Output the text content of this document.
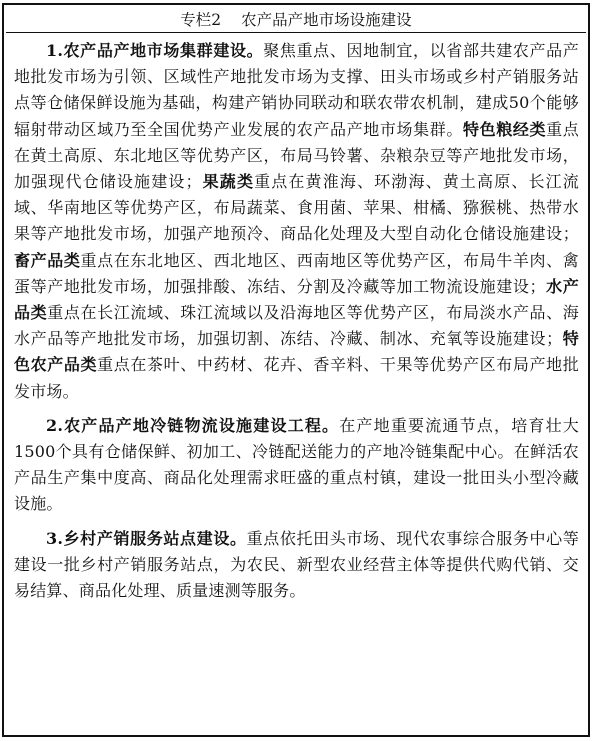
专栏2 农产品产地市场设施建设

1.农产品产地市场集群建设。聚焦重点、因地制宜，以省部共建农产品产地批发市场为引领、区域性产地批发市场为支撑、田头市场或乡村产销服务站点等仓储保鲜设施为基础，构建产销协同联动和联农带农机制，建成50个能够辐射带动区域乃至全国优势产业发展的农产品产地市场集群。特色粮经类重点在黄土高原、东北地区等优势产区，布局马铃薯、杂粮杂豆等产地批发市场，加强现代仓储设施建设；果蔬类重点在黄淮海、环渤海、黄土高原、长江流域、华南地区等优势产区，布局蔬菜、食用菌、苹果、柑橘、猕猴桃、热带水果等产地批发市场，加强产地预冷、商品化处理及大型自动化仓储设施建设；畜产品类重点在东北地区、西北地区、西南地区等优势产区，布局牛羊肉、禽蛋等产地批发市场，加强排酸、冻结、分割及冷藏等加工物流设施建设；水产品类重点在长江流域、珠江流域以及沿海地区等优势产区，布局淡水产品、海水产品等产地批发市场，加强切割、冻结、冷藏、制冰、充氧等设施建设；特色农产品类重点在茶叶、中药材、花卉、香辛料、干果等优势产区布局产地批发市场。

2.农产品产地冷链物流设施建设工程。在产地重要流通节点，培育壮大1500个具有仓储保鲜、初加工、冷链配送能力的产地冷链集配中心。在鲜活农产品生产集中度高、商品化处理需求旺盛的重点村镇，建设一批田头小型冷藏设施。

3.乡村产销服务站点建设。重点依托田头市场、现代农事综合服务中心等建设一批乡村产销服务站点，为农民、新型农业经营主体等提供代购代销、交易结算、商品化处理、质量速测等服务。
